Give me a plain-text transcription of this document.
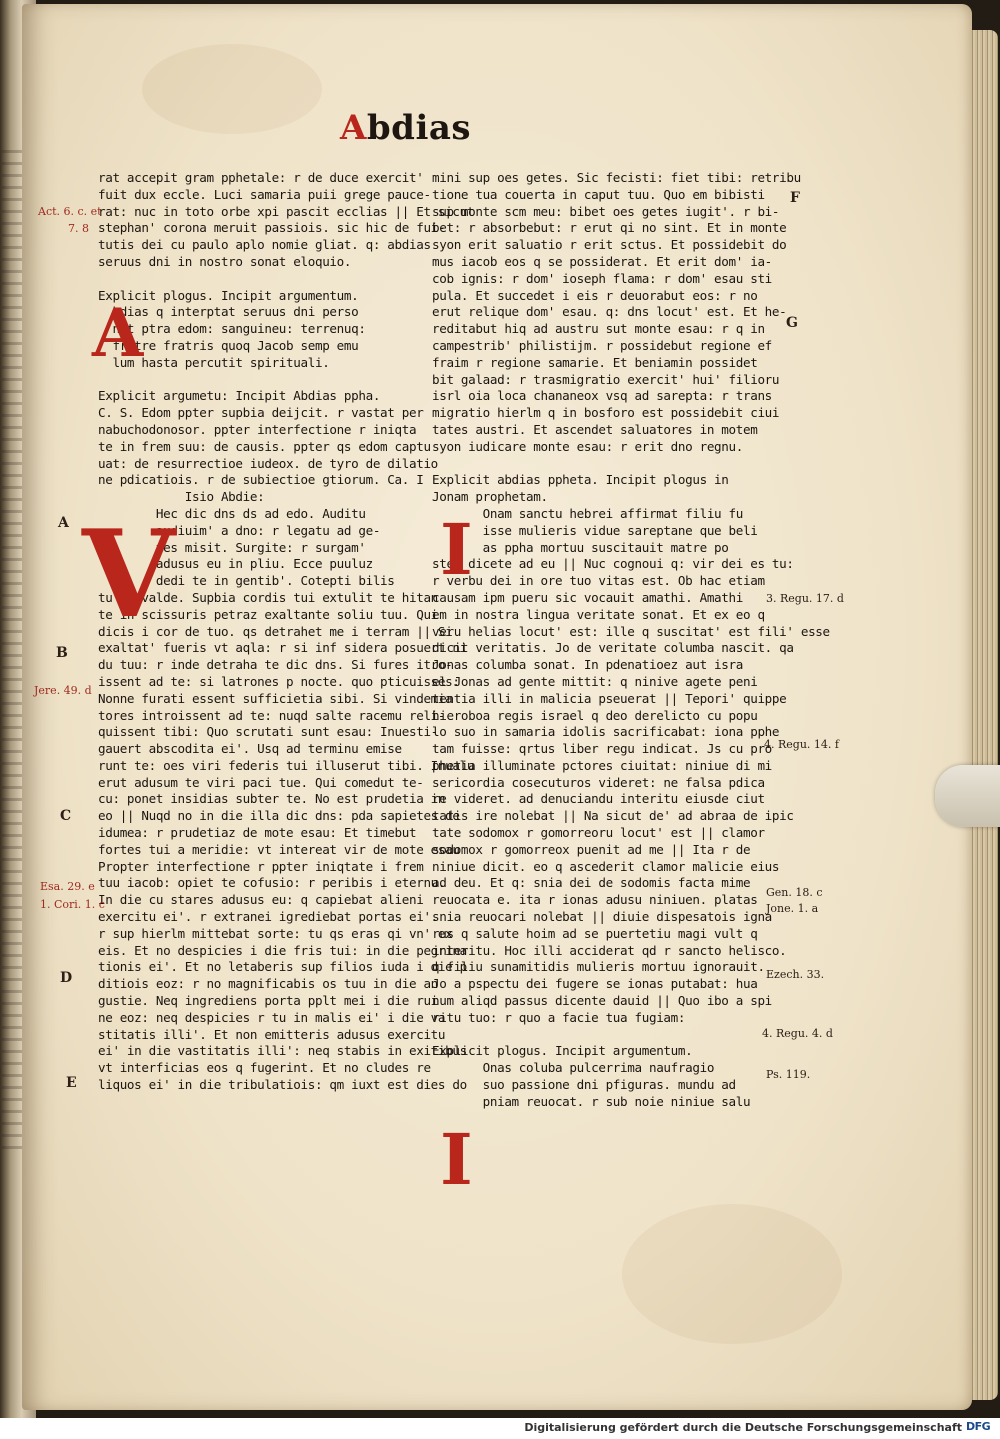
Abdias
rat accepit gram pphetale: r de duce exercit'
fuit dux eccle. Luci samaria puii grege pauce-
rat: nuc in toto orbe xpi pascit ecclias || Et sicut
stephan' corona meruit passiois. sic hic de fui-
tutis dei cu paulo aplo nomie gliat. q: abdias
seruus dni in nostro sonat eloquio.
Explicit plogus. Incipit argumentum.
bdias q interptat seruus dni perso
nat ptra edom: sanguineu: terrenuq:
fratre fratris quoq Jacob semp emu
lum hasta percutit spirituali.
Explicit argumetu: Incipit Abdias ppha.
C. S. Edom ppter supbia deijcit. r vastat per
nabuchodonosor. ppter interfectione r iniqta
te in frem suu: de causis. ppter qs edom captu
uat: de resurrectioe iudeox. de tyro de dilatio
ne pdicatiois. r de subiectioe gtiorum. Ca. I
Isio Abdie:
Hec dic dns ds ad edo. Auditu
audiuim' a dno: r legatu ad ge-
tes misit. Surgite: r surgam'
adusus eu in pliu. Ecce puuluz
dedi te in gentib'. Cotepti bilis
tu es valde. Supbia cordis tui extulit te hitan
te in scissuris petraz exaltante soliu tuu. Qui
dicis i cor de tuo. qs detrahet me i terram || Si
exaltat' fueris vt aqla: r si inf sidera posuert ni
du tuu: r inde detraha te dic dns. Si fures itro-
issent ad te: si latrones p nocte. quo pticuisses:
Nonne furati essent sufficietia sibi. Si vindemia
tores introissent ad te: nuqd salte racemu reli-
quissent tibi: Quo scrutati sunt esau: Inuesti-
gauert abscodita ei'. Usq ad terminu emise
runt te: oes viri federis tui illuserut tibi. Inualu
erut adusum te viri paci tue. Qui comedut te-
cu: ponet insidias subter te. No est prudetia in
eo || Nuqd no in die illa dic dns: pda sapietes de
idumea: r prudetiaz de mote esau: Et timebut
fortes tui a meridie: vt intereat vir de mote esau
Propter interfectione r ppter iniqtate i frem
tuu iacob: opiet te cofusio: r peribis i eternu.
In die cu stares adusus eu: q capiebat alieni
exercitu ei'. r extranei igrediebat portas ei'.
r sup hierlm mittebat sorte: tu qs eras qi vn' ex
eis. Et no despicies i die fris tui: in die pegrina
tionis ei'. Et no letaberis sup filios iuda i die p
ditiois eoz: r no magnificabis os tuu in die an
gustie. Neq ingrediens porta pplt mei i die rui
ne eoz: neq despicies r tu in malis ei' i die va
stitatis illi'. Et non emitteris adusus exercitu
ei' in die vastitatis illi': neq stabis in exitibus
vt interficias eos q fugerint. Et no cludes re
liquos ei' in die tribulatiois: qm iuxt est dies do
mini sup oes getes. Sic fecisti: fiet tibi: retribu
tione tua couerta in caput tuu. Quo em bibisti
sup monte scm meu: bibet oes getes iugit'. r bi-
bet: r absorbebut: r erut qi no sint. Et in monte
syon erit saluatio r erit sctus. Et possidebit do
mus iacob eos q se possiderat. Et erit dom' ia-
cob ignis: r dom' ioseph flama: r dom' esau sti
pula. Et succedet i eis r deuorabut eos: r no
erut relique dom' esau. q: dns locut' est. Et he-
reditabut hiq ad austru sut monte esau: r q in
campestrib' philistijm. r possidebut regione ef
fraim r regione samarie. Et beniamin possidet
bit galaad: r trasmigratio exercit' hui' filioru
isrl oia loca chananeox vsq ad sarepta: r trans
migratio hierlm q in bosforo est possidebit ciui
tates austri. Et ascendet saluatores in motem
syon iudicare monte esau: r erit dno regnu.
Explicit abdias ppheta. Incipit plogus in
Jonam prophetam.
Onam sanctu hebrei affirmat filiu fu
isse mulieris vidue sareptane que beli
as ppha mortuu suscitauit matre po
stea dicete ad eu || Nuc cognoui q: vir dei es tu:
r verbu dei in ore tuo vitas est. Ob hac etiam
causam ipm pueru sic vocauit amathi. Amathi
em in nostra lingua veritate sonat. Et ex eo q
veru helias locut' est: ille q suscitat' est fili' esse
dicit veritatis. Jo de veritate columba nascit. qa
Jonas columba sonat. In pdenatioez aut isra
el Jonas ad gente mittit: q ninive agete peni
tentia illi in malicia pseuerat || Tepori' quippe
hieroboa regis israel q deo derelicto cu popu
lo suo in samaria idolis sacrificabat: iona pphe
tam fuisse: qrtus liber regu indicat. Js cu pro
phetia illuminate pctores ciuitat: niniue di mi
sericordia cosecuturos videret: ne falsa pdica
re videret. ad denuciandu interitu eiusde ciut
tatis ire nolebat || Na sicut de' ad abraa de ipic
tate sodomox r gomorreoru locut' est || clamor
sodomox r gomorreox puenit ad me || Ita r de
niniue dicit. eo q ascederit clamor malicie eius
ad deu. Et q: snia dei de sodomis facta mime
reuocata e. ita r ionas adusu niniuen. platas
snia reuocari nolebat || diuie dispesatois igna
rus q salute hoim ad se puertetiu magi vult q
interitu. Hoc illi acciderat qd r sancto helisco.
q filiu sunamitidis mulieris mortuu ignorauit.
Jo a pspectu dei fugere se ionas putabat: hua
num aliqd passus dicente dauid || Quo ibo a spi
ritu tuo: r quo a facie tua fugiam:
Explicit plogus. Incipit argumentum.
Onas coluba pulcerrima naufragio
suo passione dni pfiguras. mundu ad
pniam reuocat. r sub noie niniue salu
A
V	I
I
A
B
C
D
E
F
G
Act. 6. c. et
7. 8
Jere. 49. d
Esa. 29. e
1. Cori. 1. c
3. Regu. 17. d
4. Regu. 14. f
Gen. 18. c
Jone. 1. a
Ezech. 33.
4. Regu. 4. d
Ps. 119.
Digitalisierung gefördert durch die Deutsche Forschungsgemeinschaft DFG
